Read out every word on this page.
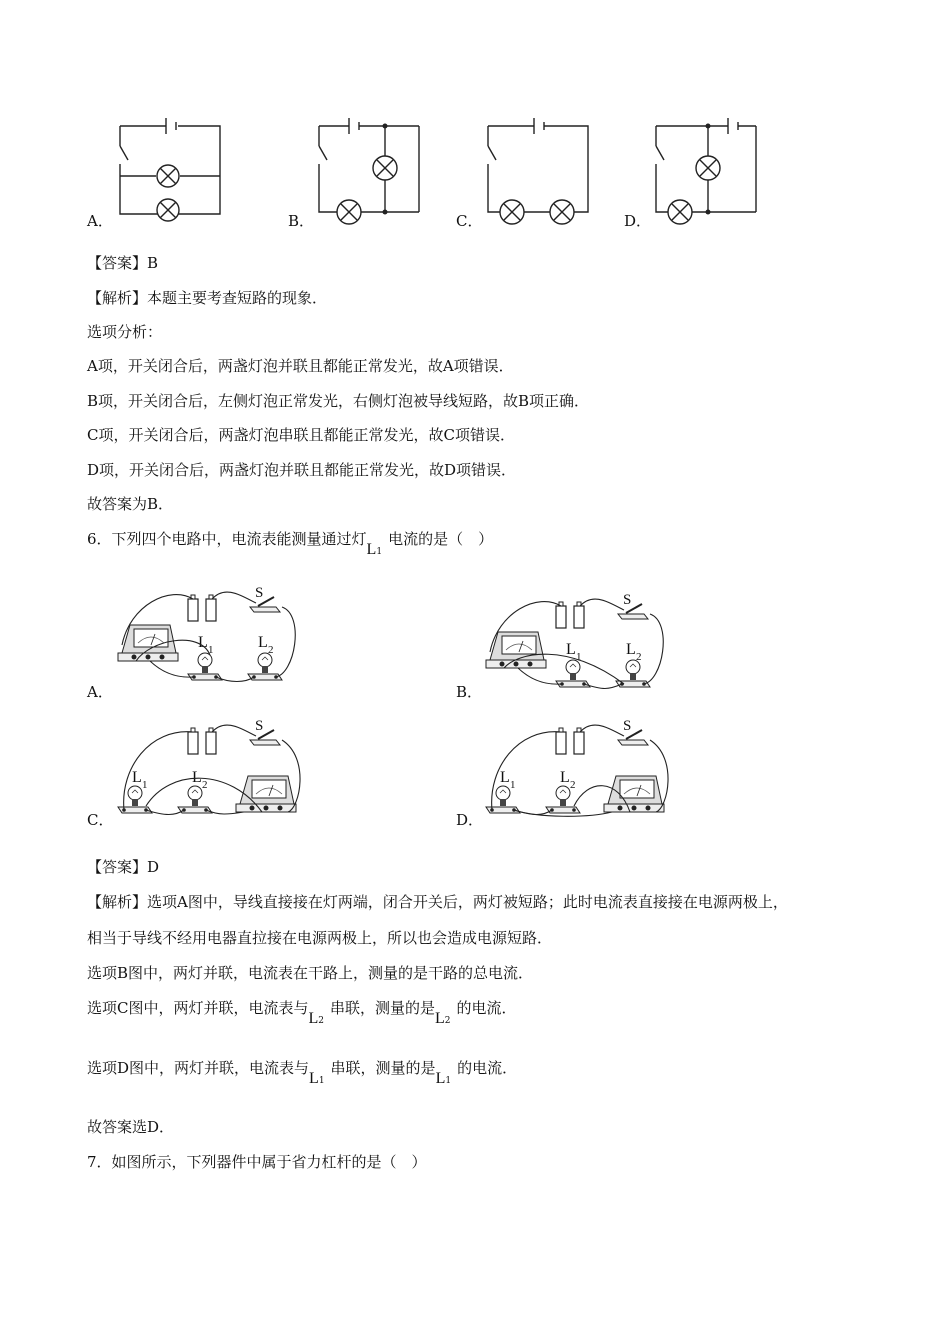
A．	B．	C．	D．
【答案】B
【解析】本题主要考查短路的现象．
选项分析：
A项，开关闭合后，两盏灯泡并联且都能正常发光，故A项错误．
B项，开关闭合后，左侧灯泡正常发光，右侧灯泡被导线短路，故B项正确．
C项，开关闭合后，两盏灯泡串联且都能正常发光，故C项错误．
D项，开关闭合后，两盏灯泡并联且都能正常发光，故D项错误．
故答案为B．
6．下列四个电路中，电流表能测量通过灯L1电流的是（　）
S
L 1	L 2
A．
S
L 1	L 2
B．
S
L 1	L 2
C．
S
L 1	L 2
D．
【答案】D
【解析】选项A图中，导线直接接在灯两端，闭合开关后，两灯被短路；此时电流表直接接在电源两极上，
相当于导线不经用电器直拉接在电源两极上，所以也会造成电源短路．
选项B图中，两灯并联，电流表在干路上，测量的是干路的总电流．
选项C图中，两灯并联，电流表与L2串联，测量的是L2的电流．
选项D图中，两灯并联，电流表与L1串联，测量的是L1的电流．
故答案选D．
7．如图所示，下列器件中属于省力杠杆的是（　）
